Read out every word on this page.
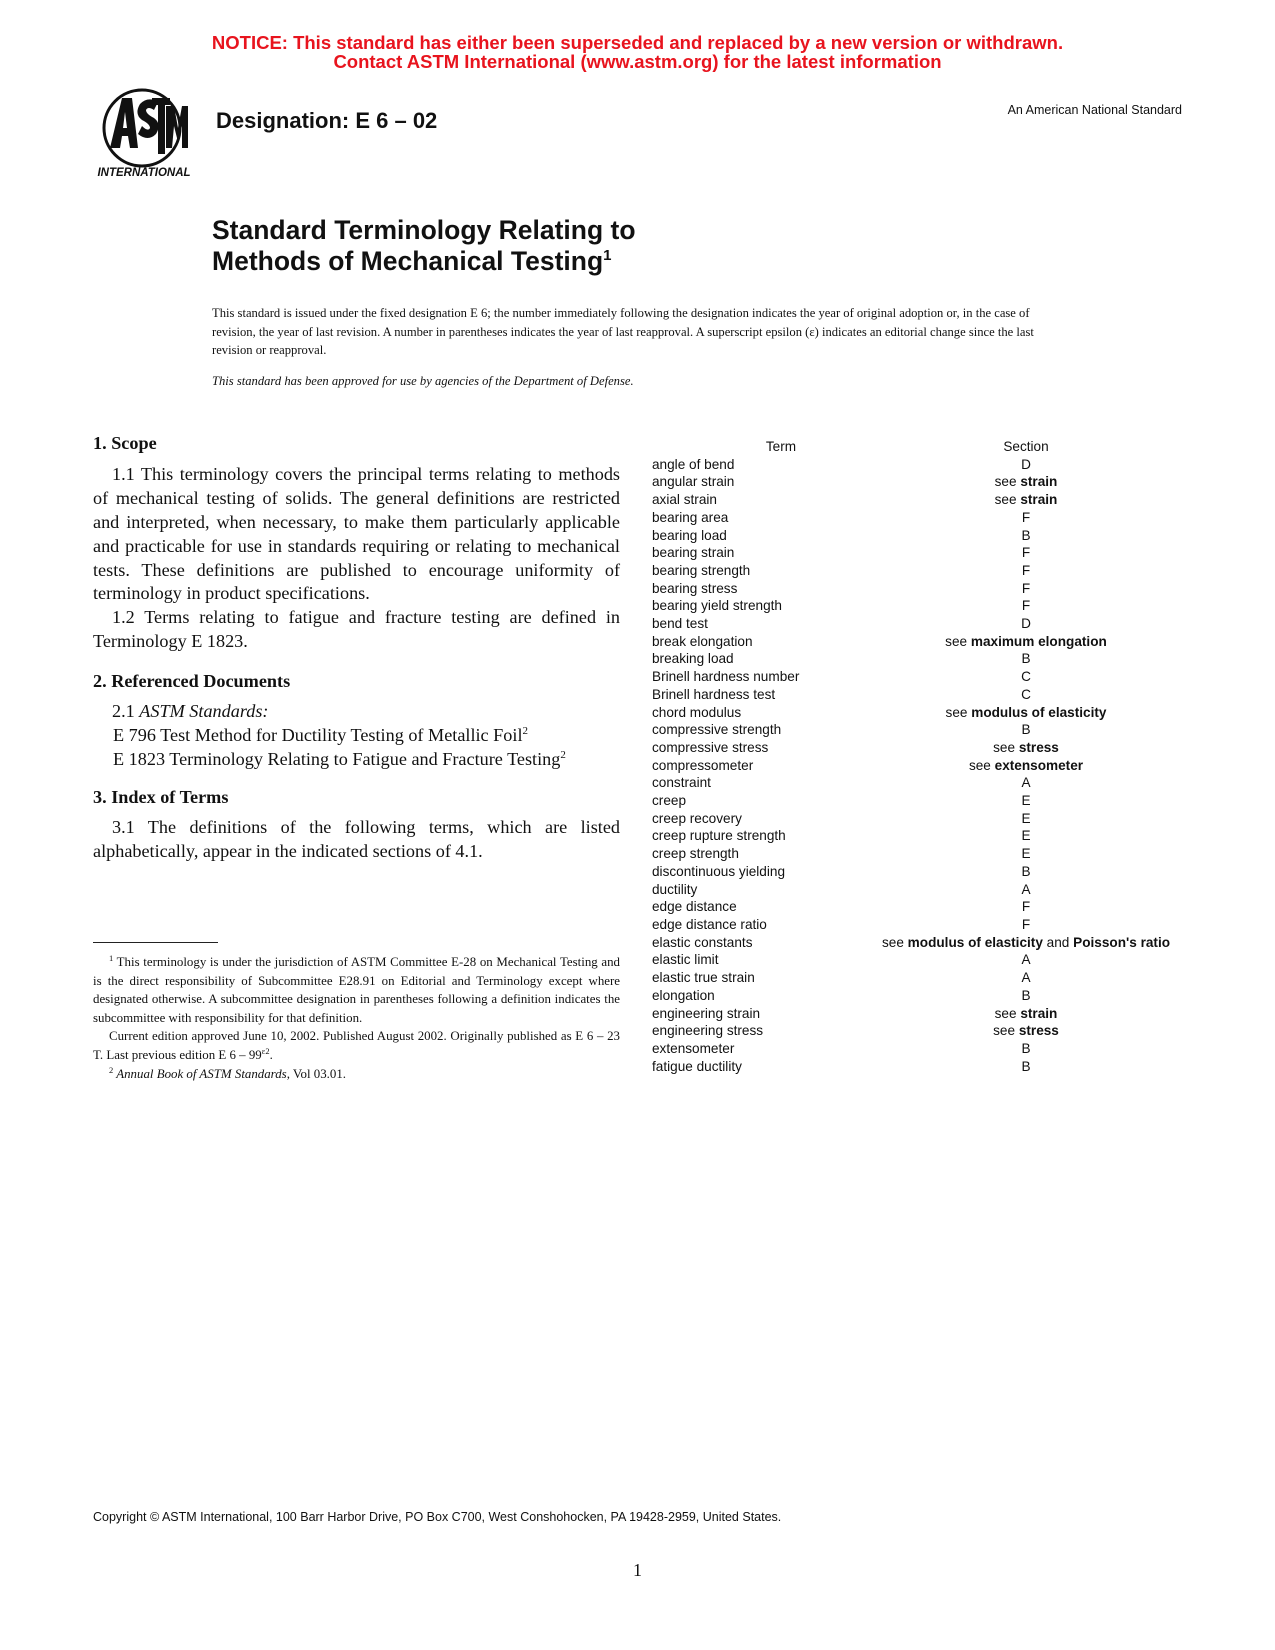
NOTICE: This standard has either been superseded and replaced by a new version or withdrawn.
Contact ASTM International (www.astm.org) for the latest information
INTERNATIONAL
Designation: E 6 – 02	An American National Standard
Standard Terminology Relating to
Methods of Mechanical Testing$^1$
This standard is issued under the fixed designation E 6; the number immediately following the designation indicates the year of original adoption or, in the case of revision, the year of last revision. A number in parentheses indicates the year of last reapproval. A superscript epsilon (ε) indicates an editorial change since the last revision or reapproval.
This standard has been approved for use by agencies of the Department of Defense.

1. Scope

1.1 This terminology covers the principal terms relating to methods of mechanical testing of solids. The general definitions are restricted and interpreted, when necessary, to make them particularly applicable and practicable for use in standards requiring or relating to mechanical tests. These definitions are published to encourage uniformity of terminology in product specifications.

1.2 Terms relating to fatigue and fracture testing are defined in Terminology E 1823.

2. Referenced Documents

2.1 ASTM Standards:

E 796 Test Method for Ductility Testing of Metallic Foil$^2$

E 1823 Terminology Relating to Fatigue and Fracture Testing$^2$

3. Index of Terms

3.1 The definitions of the following terms, which are listed alphabetically, appear in the indicated sections of 4.1.

$^1$ This terminology is under the jurisdiction of ASTM Committee E-28 on Mechanical Testing and is the direct responsibility of Subcommittee E28.91 on Editorial and Terminology except where designated otherwise. A subcommittee designation in parentheses following a definition indicates the subcommittee with responsibility for that definition.

Current edition approved June 10, 2002. Published August 2002. Originally published as E 6 – 23 T. Last previous edition E $6 - 99^{\varepsilon 2}$.

$^2$ Annual Book of ASTM Standards, Vol 03.01.

Term	Section
angle of bend	D
angular strain	see strain
axial strain	see strain
bearing area	F
bearing load	B
bearing strain	F
bearing strength	F
bearing stress	F
bearing yield strength	F
bend test	D
break elongation	see maximum elongation
breaking load	B
Brinell hardness number	C
Brinell hardness test	C
chord modulus	see modulus of elasticity
compressive strength	B
compressive stress	see stress
compressometer	see extensometer
constraint	A
creep	E
creep recovery	E
creep rupture strength	E
creep strength	E
discontinuous yielding	B
ductility	A
edge distance	F
edge distance ratio	F
elastic constants	see modulus of elasticity and Poisson's ratio
elastic limit	A
elastic true strain	A
elongation	B
engineering strain	see strain
engineering stress	see stress
extensometer	B
fatigue ductility	B
Copyright © ASTM International, 100 Barr Harbor Drive, PO Box C700, West Conshohocken, PA 19428-2959, United States.
1
